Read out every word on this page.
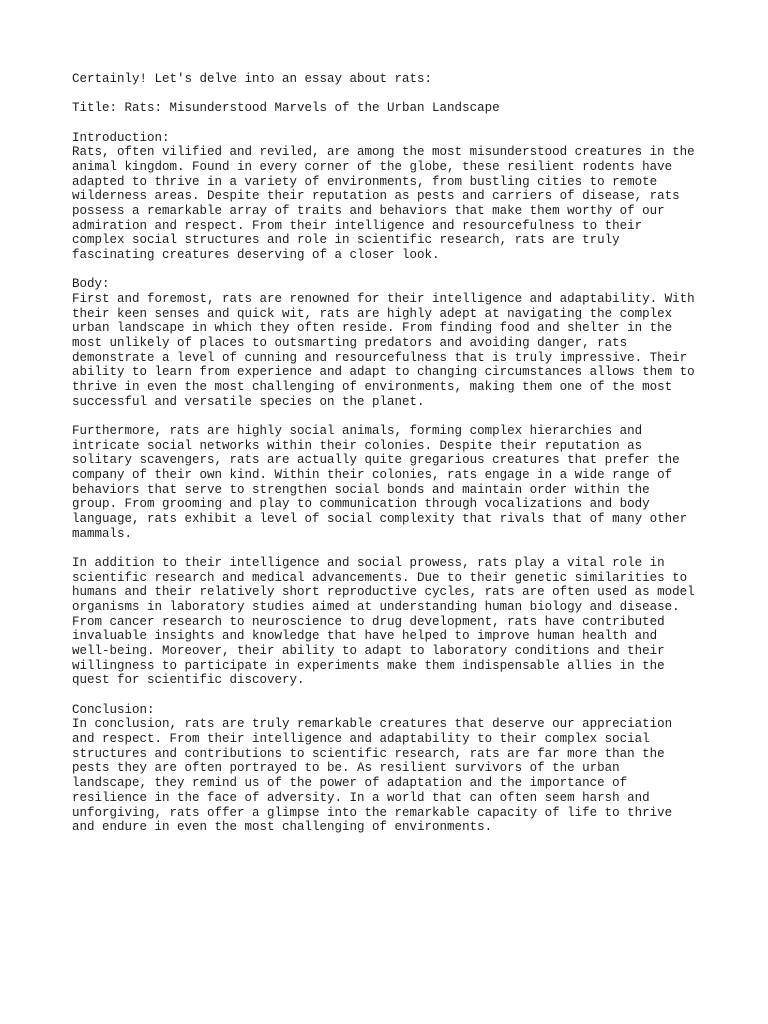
Certainly! Let's delve into an essay about rats:

Title: Rats: Misunderstood Marvels of the Urban Landscape

Introduction:

Rats, often vilified and reviled, are among the most misunderstood creatures in the
animal kingdom. Found in every corner of the globe, these resilient rodents have
adapted to thrive in a variety of environments, from bustling cities to remote
wilderness areas. Despite their reputation as pests and carriers of disease, rats
possess a remarkable array of traits and behaviors that make them worthy of our
admiration and respect. From their intelligence and resourcefulness to their
complex social structures and role in scientific research, rats are truly
fascinating creatures deserving of a closer look.

Body:

First and foremost, rats are renowned for their intelligence and adaptability. With
their keen senses and quick wit, rats are highly adept at navigating the complex
urban landscape in which they often reside. From finding food and shelter in the
most unlikely of places to outsmarting predators and avoiding danger, rats
demonstrate a level of cunning and resourcefulness that is truly impressive. Their
ability to learn from experience and adapt to changing circumstances allows them to
thrive in even the most challenging of environments, making them one of the most
successful and versatile species on the planet.

Furthermore, rats are highly social animals, forming complex hierarchies and
intricate social networks within their colonies. Despite their reputation as
solitary scavengers, rats are actually quite gregarious creatures that prefer the
company of their own kind. Within their colonies, rats engage in a wide range of
behaviors that serve to strengthen social bonds and maintain order within the
group. From grooming and play to communication through vocalizations and body
language, rats exhibit a level of social complexity that rivals that of many other
mammals.

In addition to their intelligence and social prowess, rats play a vital role in
scientific research and medical advancements. Due to their genetic similarities to
humans and their relatively short reproductive cycles, rats are often used as model
organisms in laboratory studies aimed at understanding human biology and disease.
From cancer research to neuroscience to drug development, rats have contributed
invaluable insights and knowledge that have helped to improve human health and
well-being. Moreover, their ability to adapt to laboratory conditions and their
willingness to participate in experiments make them indispensable allies in the
quest for scientific discovery.

Conclusion:

In conclusion, rats are truly remarkable creatures that deserve our appreciation
and respect. From their intelligence and adaptability to their complex social
structures and contributions to scientific research, rats are far more than the
pests they are often portrayed to be. As resilient survivors of the urban
landscape, they remind us of the power of adaptation and the importance of
resilience in the face of adversity. In a world that can often seem harsh and
unforgiving, rats offer a glimpse into the remarkable capacity of life to thrive
and endure in even the most challenging of environments.
